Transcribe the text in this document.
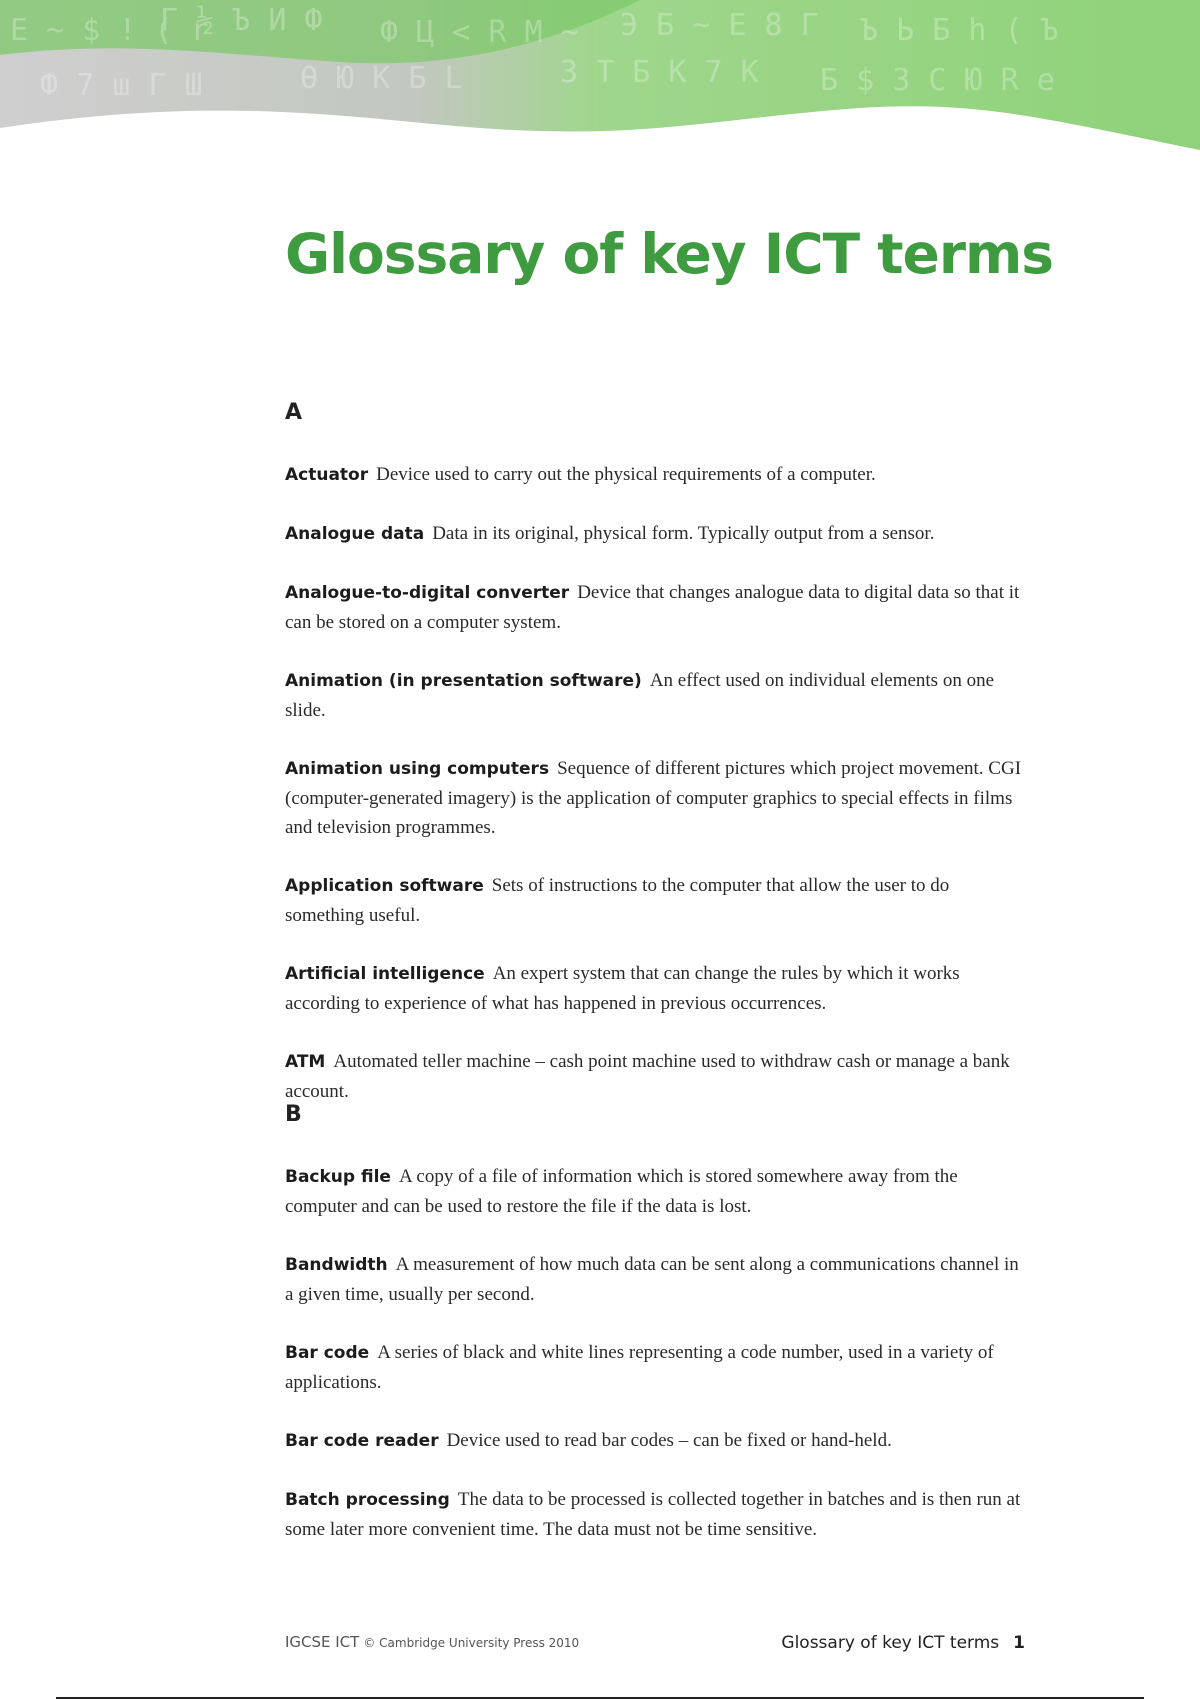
E ~ $ ! ( r
Г ½ Ъ И Ф Ф Ц < R М ~ Э Б ~ Е 8 Г Ъ Ь Б h ( Ъ
Ф 7 ш Г Ш	Ѳ Ю К Б L	З Т Б К 7 К Б $ З С Ю R e
Glossary of key ICT terms
A
Actuator Device used to carry out the physical requirements of a computer.
Analogue data Data in its original, physical form. Typically output from a sensor.
Analogue-to-digital converter Device that changes analogue data to digital data so that it can be stored on a computer system.
Animation (in presentation software) An effect used on individual elements on one slide.
Animation using computers Sequence of different pictures which project movement. CGI (computer-generated imagery) is the application of computer graphics to special effects in films and television programmes.
Application software Sets of instructions to the computer that allow the user to do something useful.
Artificial intelligence An expert system that can change the rules by which it works according to experience of what has happened in previous occurrences.
ATM Automated teller machine – cash point machine used to withdraw cash or manage a bank account.
B
Backup file A copy of a file of information which is stored somewhere away from the computer and can be used to restore the file if the data is lost.
Bandwidth A measurement of how much data can be sent along a communications channel in a given time, usually per second.
Bar code A series of black and white lines representing a code number, used in a variety of applications.
Bar code reader Device used to read bar codes – can be fixed or hand-held.
Batch processing The data to be processed is collected together in batches and is then run at some later more convenient time. The data must not be time sensitive.
IGCSE ICT © Cambridge University Press 2010	Glossary of key ICT terms 1
